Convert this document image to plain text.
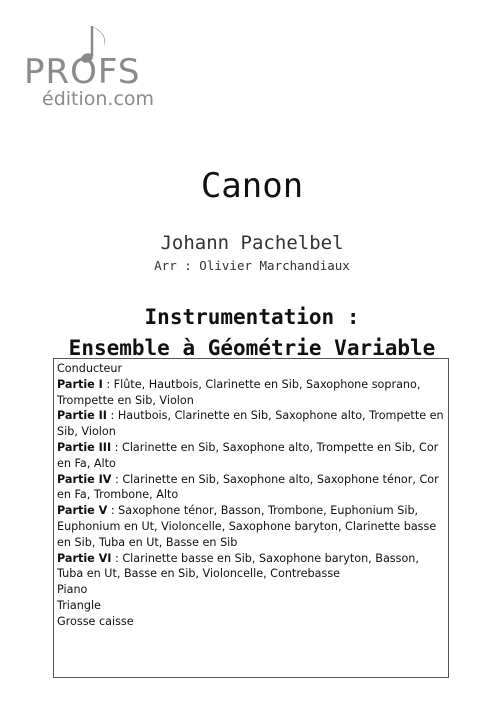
PROFS
édition.com
Canon
Johann Pachelbel
Arr : Olivier Marchandiaux
Instrumentation :
Ensemble à Géométrie Variable

Conducteur

Partie I : Flûte, Hautbois, Clarinette en Sib, Saxophone soprano, Trompette en Sib, Violon

Partie II : Hautbois, Clarinette en Sib, Saxophone alto, Trompette en Sib, Violon

Partie III : Clarinette en Sib, Saxophone alto, Trompette en Sib, Cor en Fa, Alto

Partie IV : Clarinette en Sib, Saxophone alto, Saxophone ténor, Cor en Fa, Trombone, Alto

Partie V : Saxophone ténor, Basson, Trombone, Euphonium Sib, Euphonium en Ut, Violoncelle, Saxophone baryton, Clarinette basse en Sib, Tuba en Ut, Basse en Sib

Partie VI : Clarinette basse en Sib, Saxophone baryton, Basson, Tuba en Ut, Basse en Sib, Violoncelle, Contrebasse

Piano

Triangle

Grosse caisse
